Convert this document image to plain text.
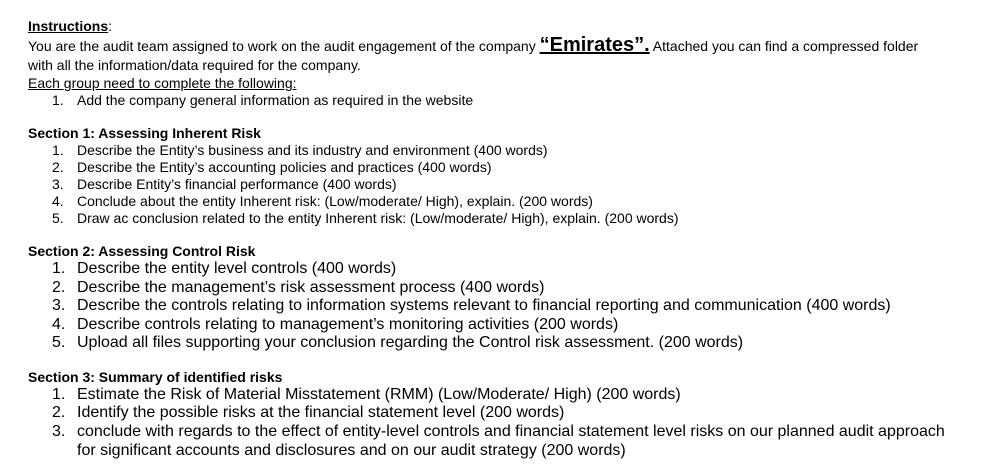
Instructions:
You are the audit team assigned to work on the audit engagement of the company “Emirates”. Attached you can find a compressed folder
with all the information/data required for the company.
Each group need to complete the following:
1. Add the company general information as required in the website
Section 1: Assessing Inherent Risk
1. Describe the Entity’s business and its industry and environment (400 words)
2. Describe the Entity’s accounting policies and practices (400 words)
3. Describe Entity’s financial performance (400 words)
4. Conclude about the entity Inherent risk: (Low/moderate/ High), explain. (200 words)
5. Draw ac conclusion related to the entity Inherent risk: (Low/moderate/ High), explain. (200 words)
Section 2: Assessing Control Risk
1. Describe the entity level controls (400 words)
2. Describe the management’s risk assessment process (400 words)
3. Describe the controls relating to information systems relevant to financial reporting and communication (400 words)
4. Describe controls relating to management’s monitoring activities (200 words)
5. Upload all files supporting your conclusion regarding the Control risk assessment. (200 words)
Section 3: Summary of identified risks
1. Estimate the Risk of Material Misstatement (RMM) (Low/Moderate/ High) (200 words)
2. Identify the possible risks at the financial statement level (200 words)
3. conclude with regards to the effect of entity-level controls and financial statement level risks on our planned audit approach
for significant accounts and disclosures and on our audit strategy (200 words)
